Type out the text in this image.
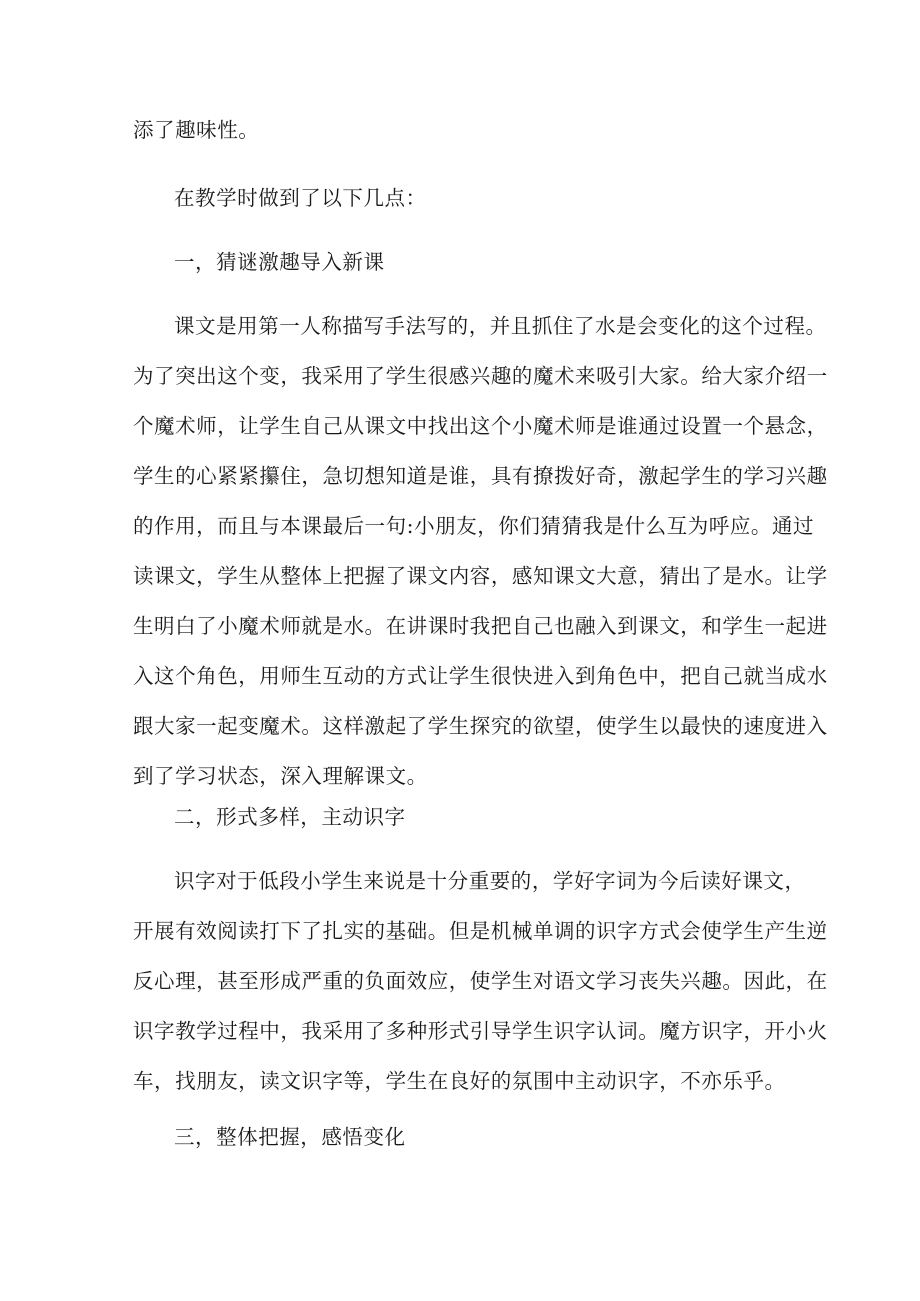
添了趣味性。
在教学时做到了以下几点：
一，猜谜激趣导入新课
课文是用第一人称描写手法写的，并且抓住了水是会变化的这个过程。
为了突出这个变，我采用了学生很感兴趣的魔术来吸引大家。给大家介绍一
个魔术师，让学生自己从课文中找出这个小魔术师是谁通过设置一个悬念，
学生的心紧紧攥住，急切想知道是谁，具有撩拨好奇，激起学生的学习兴趣
的作用，而且与本课最后一句:小朋友，你们猜猜我是什么互为呼应。通过
读课文，学生从整体上把握了课文内容，感知课文大意，猜出了是水。让学
生明白了小魔术师就是水。在讲课时我把自己也融入到课文，和学生一起进
入这个角色，用师生互动的方式让学生很快进入到角色中，把自己就当成水
跟大家一起变魔术。这样激起了学生探究的欲望，使学生以最快的速度进入
到了学习状态，深入理解课文。
二，形式多样，主动识字
识字对于低段小学生来说是十分重要的，学好字词为今后读好课文，
开展有效阅读打下了扎实的基础。但是机械单调的识字方式会使学生产生逆
反心理，甚至形成严重的负面效应，使学生对语文学习丧失兴趣。因此，在
识字教学过程中，我采用了多种形式引导学生识字认词。魔方识字，开小火
车，找朋友，读文识字等，学生在良好的氛围中主动识字，不亦乐乎。
三，整体把握，感悟变化
